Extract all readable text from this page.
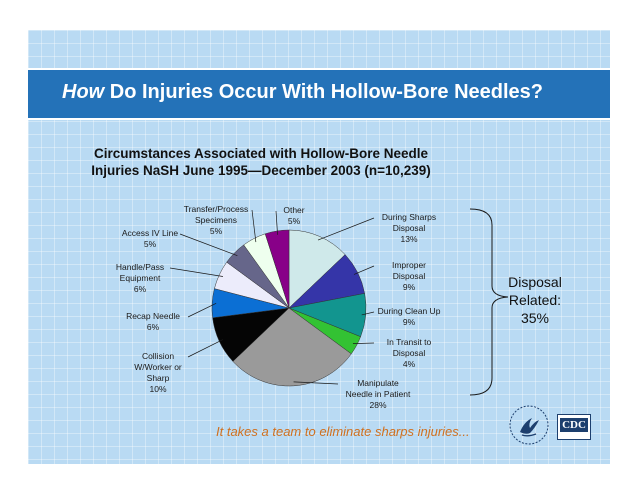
How Do Injuries Occur With Hollow-Bore Needles?
Circumstances Associated with Hollow-Bore Needle
Injuries NaSH June 1995—December 2003 (n=10,239)
During Sharps
Disposal
13%
Improper
Disposal
9%
During Clean Up
9%
In Transit to
Disposal
4%
Manipulate
Needle in Patient
28%
Collision
W/Worker or
Sharp
10%
Recap Needle
6%
Handle/Pass
Equipment
6%
Access IV Line
5%
Transfer/Process
Specimens
5%
Other
5%
Disposal
Related:
35%
It takes a team to eliminate sharps injuries...	CDC
